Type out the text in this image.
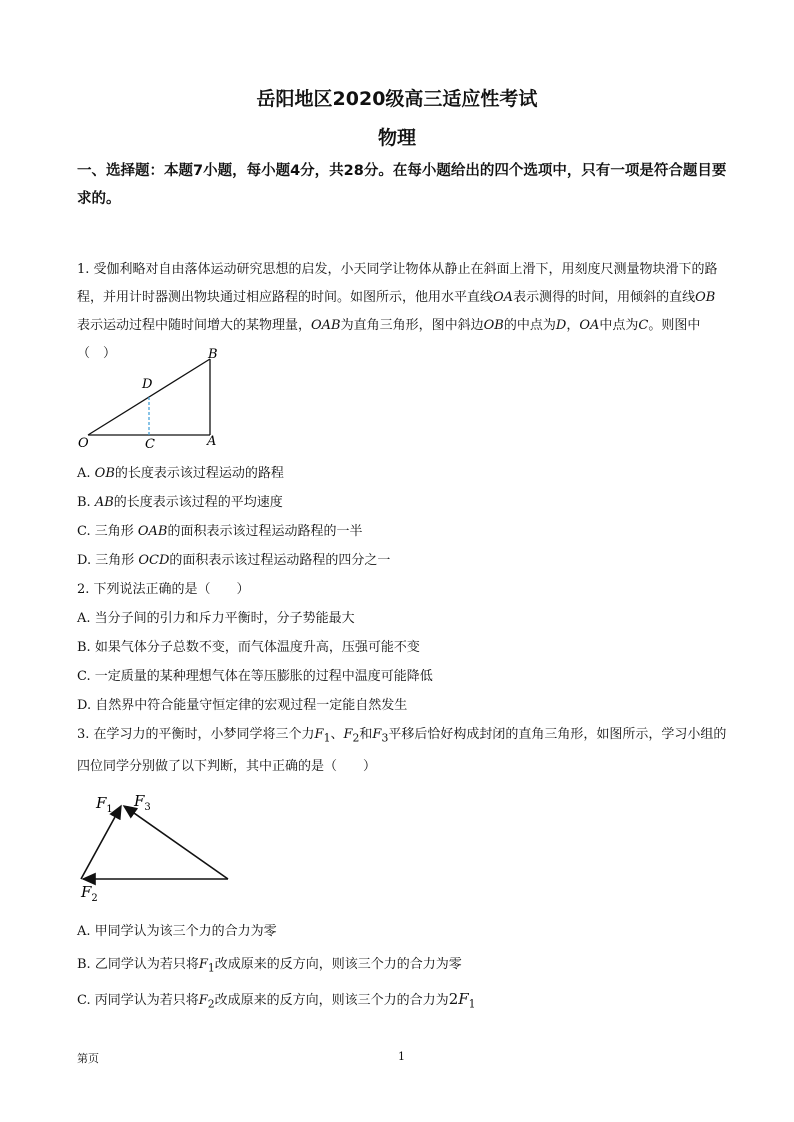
岳阳地区2020级高三适应性考试
物理
一、选择题：本题7小题，每小题4分，共28分。在每小题给出的四个选项中，只有一项是符合题目要求的。
1. 受伽利略对自由落体运动研究思想的启发，小天同学让物体从静止在斜面上滑下，用刻度尺测量物块滑下的路程，并用计时器测出物块通过相应路程的时间。如图所示，他用水平直线OA表示测得的时间，用倾斜的直线OB表示运动过程中随时间增大的某物理量，OAB为直角三角形，图中斜边OB的中点为D，OA中点为C。则图中（　）	B
D
O	C	A
A. OB的长度表示该过程运动的路程
B. AB的长度表示该过程的平均速度
C. 三角形 OAB的面积表示该过程运动路程的一半
D. 三角形 OCD的面积表示该过程运动路程的四分之一
2. 下列说法正确的是（　　）
A. 当分子间的引力和斥力平衡时，分子势能最大
B. 如果气体分子总数不变，而气体温度升高，压强可能不变
C. 一定质量的某种理想气体在等压膨胀的过程中温度可能降低
D. 自然界中符合能量守恒定律的宏观过程一定能自然发生
3. 在学习力的平衡时，小梦同学将三个力$F_1$、$F_2$和$F_3$平移后恰好构成封闭的直角三角形，如图所示，学习小组的四位同学分别做了以下判断，其中正确的是（　　）
$F_1$ $F_3$
$F_2$
A. 甲同学认为该三个力的合力为零
B. 乙同学认为若只将$F_1$改成原来的反方向，则该三个力的合力为零
C. 丙同学认为若只将$F_2$改成原来的反方向，则该三个力的合力为$2F_1$
第页	1
